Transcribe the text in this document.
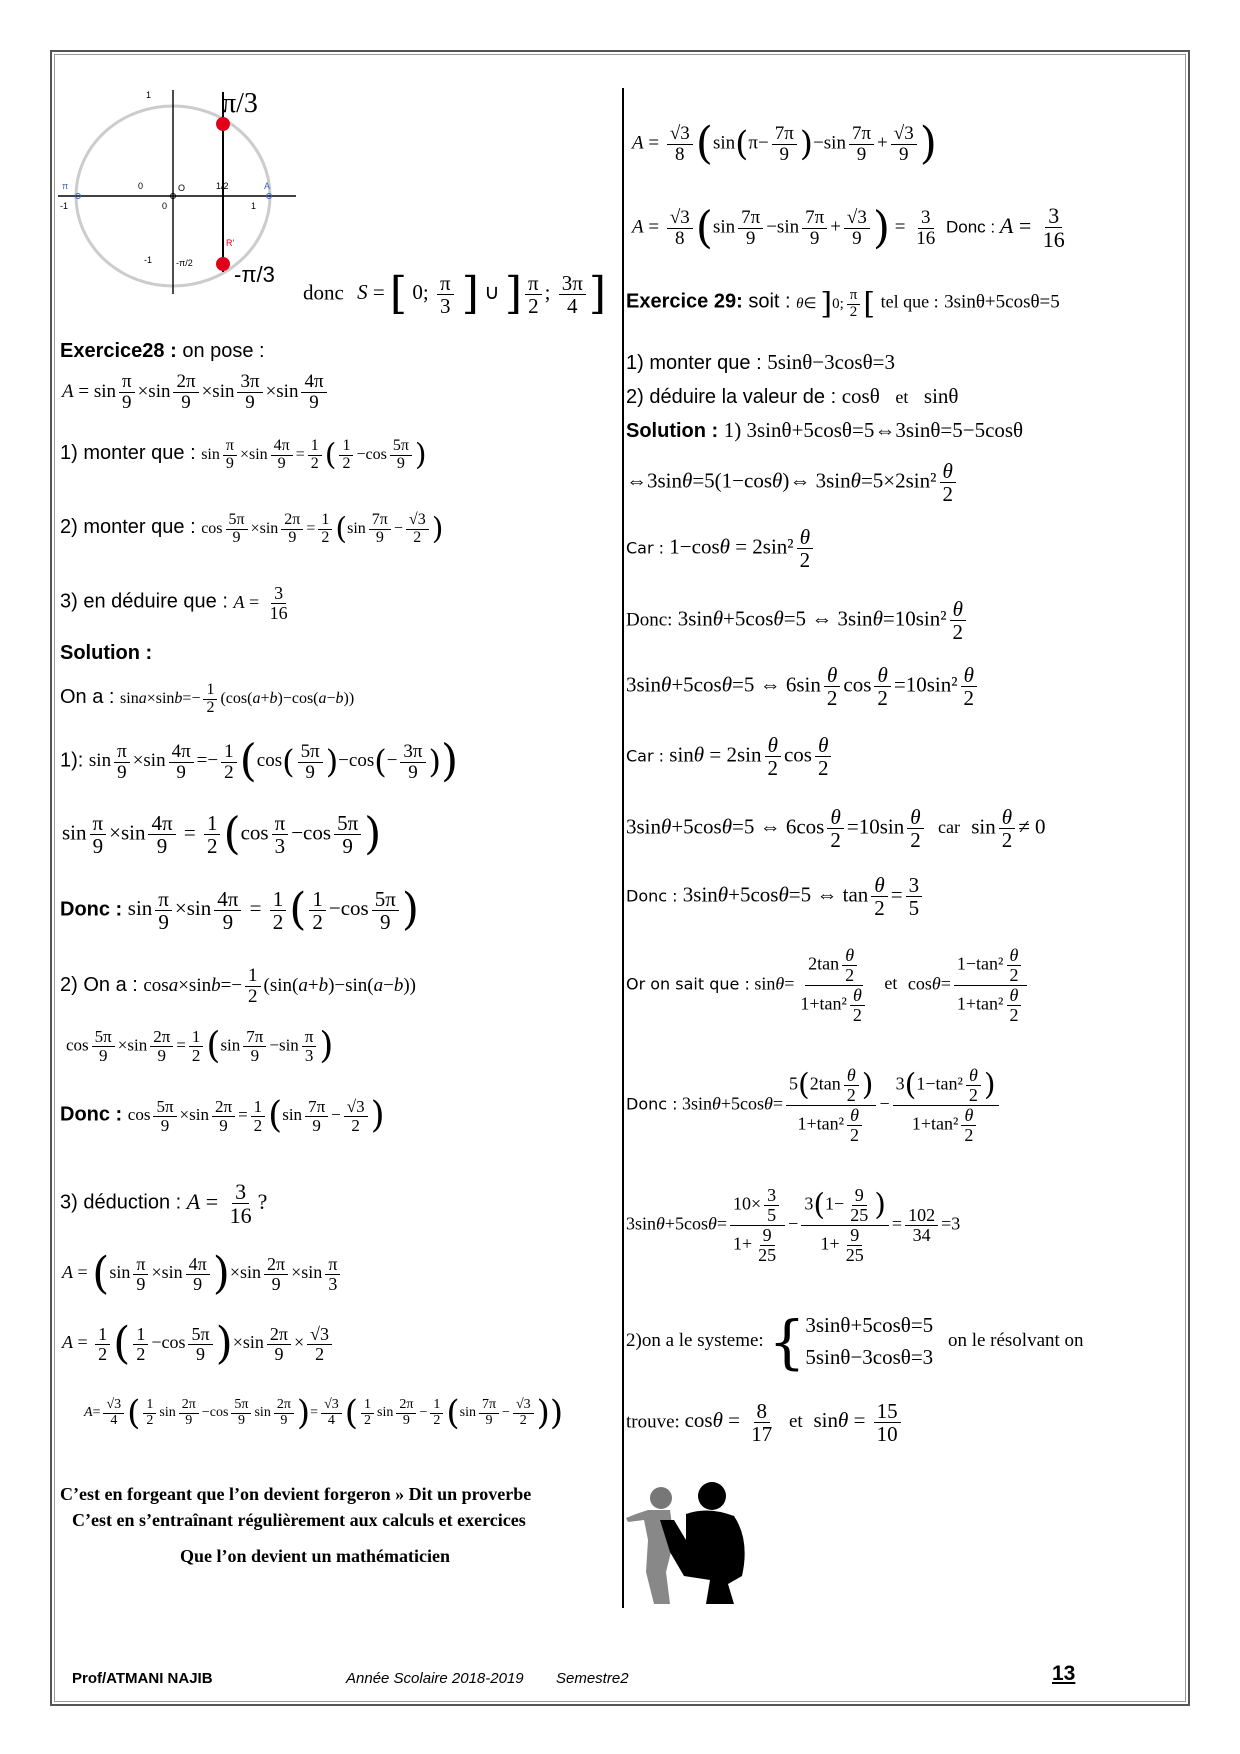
1
-1
-1
1
0
π	A
O	1/2
-π/2
R'
0
π/3
-π/3
donc S = [ 0; $\frac{\pi}{3}$ ] ∪ ] $\frac{\pi}{2}$ ; $\frac{3\pi}{4}$ ]
Exercice28 : on pose :
$A = \sin \frac{\pi}{9} \times\sin \frac{2\pi}{9} \times\sin \frac{3\pi}{9} \times\sin \frac{4\pi}{9}$
1) monter que : $\sin \frac{\pi}{9} \times\sin \frac{4\pi}{9} = \frac{1}{2}$ ( $\frac{1}{2} -\cos \frac{5\pi}{9}$ )
2) monter que : $\cos \frac{5\pi}{9} \times\sin \frac{2\pi}{9} = \frac{1}{2} (\sin \frac{7\pi}{9} - \frac{√3}{2}$ )
3) en déduire que : $A = \frac{3}{16}$
Solution :
On a : $\sin a\times\sin b=- \frac{1}{2} (\cos(a+b)-\cos(a-b))$
1): $\sin \frac{\pi}{9} \times\sin \frac{4\pi}{9} =- \frac{1}{2} (\cos( \frac{5\pi}{9} )-\cos(- \frac{3\pi}{9}$ ))
$\sin \frac{\pi}{9} \times\sin \frac{4\pi}{9} = \frac{1}{2} (\cos \frac{\pi}{3} -\cos \frac{5\pi}{9}$ )
Donc : $\sin \frac{\pi}{9} \times\sin \frac{4\pi}{9} = \frac{1}{2}$ ( $\frac{1}{2} -\cos \frac{5\pi}{9}$ )
2) On a : $\cos a\times\sin b=- \frac{1}{2} (\sin(a+b)-\sin(a-b))$
$\cos \frac{5\pi}{9} \times\sin \frac{2\pi}{9} = \frac{1}{2} (\sin \frac{7\pi}{9} -\sin \frac{\pi}{3}$ )
Donc : $\cos \frac{5\pi}{9} \times\sin \frac{2\pi}{9} = \frac{1}{2} (\sin \frac{7\pi}{9} - \frac{√3}{2}$ )
3) déduction : $A = \frac{3}{16}$ ?
$A = (\sin \frac{\pi}{9} \times\sin \frac{4\pi}{9} )\times\sin \frac{2\pi}{9} \times\sin \frac{\pi}{3}$
$A = \frac{1}{2}$ ( $\frac{1}{2} -\cos \frac{5\pi}{9} )\times\sin \frac{2\pi}{9} \times \frac{√3}{2}$
$A= \frac{√3}{4}$ ( $\frac{1}{2}$ $\sin \frac{2\pi}{9} -\cos \frac{5\pi}{9}$ $\sin \frac{2\pi}{9}$ )= $\frac{√3}{4}$ ( $\frac{1}{2}$ $\sin \frac{2\pi}{9} - \frac{1}{2} (\sin \frac{7\pi}{9} - \frac{√3}{2}$ ))
C’est en forgeant que l’on devient forgeron » Dit un proverbe
C’est en s’entraînant régulièrement aux calculs et exercices
Que l’on devient un mathématicien
$A = \frac{√3}{8} (\sin(\pi- \frac{7\pi}{9} )-\sin \frac{7\pi}{9} + \frac{√3}{9}$ )
$A = \frac{√3}{8} (\sin \frac{7\pi}{9} -\sin \frac{7\pi}{9} + \frac{√3}{9}$ ) = $\frac{3}{16}$ Donc : $A = \frac{3}{16}$
Exercice 29: soit : θ∈ ]0; $\frac{\pi}{2}$ [ tel que : 3sinθ+5cosθ=5
1) monter que : 5sinθ−3cosθ=3
2) déduire la valeur de : cosθ et sinθ
Solution : 1) 3sinθ+5cosθ=5⇔3sinθ=5−5cosθ
⇔3sinθ=5(1−cosθ)⇔ $3\sin\theta=5\times 2\sin^2 \frac{\theta}{2}$
Car : $1-\cos\theta = 2\sin^2 \frac{\theta}{2}$
Donc: 3sinθ+5cosθ=5 ⇔ $3\sin\theta=10\sin^2 \frac{\theta}{2}$
3sinθ+5cosθ=5 ⇔ $6\sin \frac{\theta}{2}$ $\cos \frac{\theta}{2} =10\sin^2 \frac{\theta}{2}$
Car : $\sin\theta = 2\sin \frac{\theta}{2}$ $\cos \frac{\theta}{2}$
3sinθ+5cosθ=5 ⇔ $6\cos \frac{\theta}{2} =10\sin \frac{\theta}{2}$ car $\sin \frac{\theta}{2} \ne 0$
Donc : 3sinθ+5cosθ=5 ⇔ $\tan \frac{\theta}{2} = \frac{3}{5}$
Or on sait que : $\sin\theta= \frac{2\tan \frac{\theta}{2}}{1+\tan^2 \frac{\theta}{2}}$ et $\cos\theta= \frac{1-\tan^2 \frac{\theta}{2}}{1+\tan^2 \frac{\theta}{2}}$
Donc : $3\sin\theta+5\cos\theta= \frac{5(2\tan \frac{\theta}{2} )}{1+\tan^2 \frac{\theta}{2}} - \frac{3(1-\tan^2 \frac{\theta}{2} )}{1+\tan^2 \frac{\theta}{2}}$
$3\sin\theta+5\cos\theta= \frac{10\times \frac{3}{5}}{1+ \frac{9}{25}} - \frac{3(1- \frac{9}{25} )}{1+ \frac{9}{25}} = \frac{102}{34} =3$
2)on a le systeme: { 3sinθ+5cosθ=5
5sinθ−3cosθ=3
on le résolvant on
trouve: $\cos\theta = \frac{8}{17}$ et $\sin\theta = \frac{15}{10}$
Prof/ATMANI NAJIB	Année Scolaire 2018-2019 Semestre2	13
